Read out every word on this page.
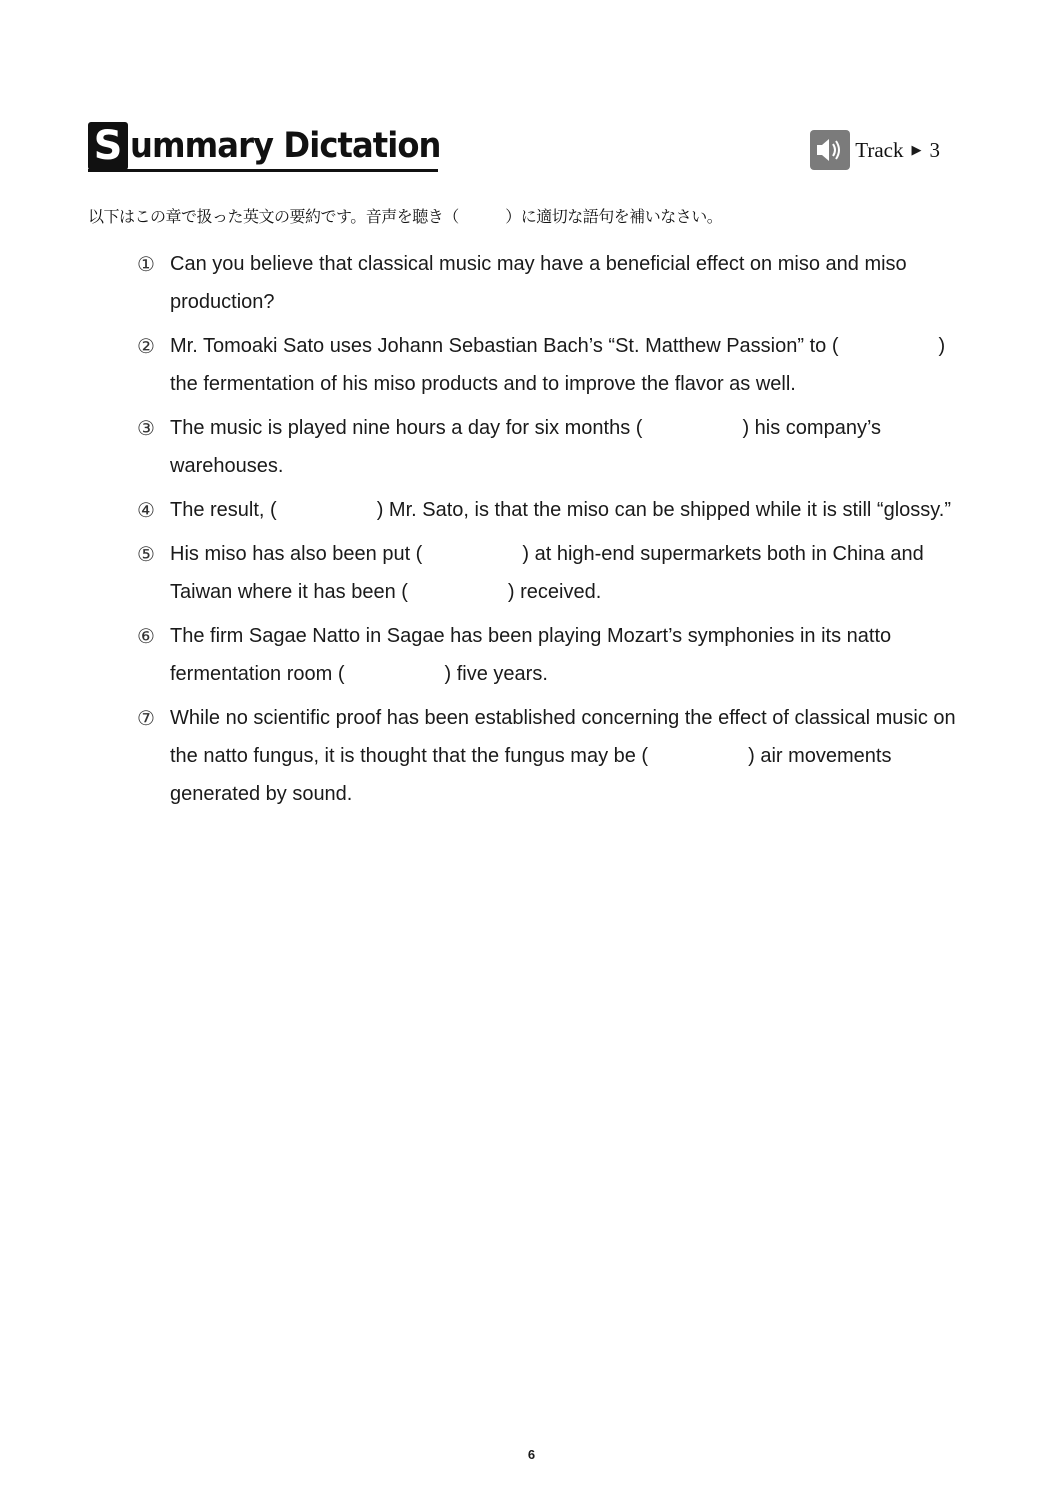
S ummary Dictation	Track ▶ 3
以下はこの章で扱った英文の要約です。音声を聴き（　　　）に適切な語句を補いなさい。
① Can you believe that classical music may have a beneficial effect on miso and miso production?
② Mr. Tomoaki Sato uses Johann Sebastian Bach’s “St. Matthew Passion” to (                  ) the fermentation of his miso products and to improve the flavor as well.
③ The music is played nine hours a day for six months (                  ) his company’s warehouses.
④ The result, (                  ) Mr. Sato, is that the miso can be shipped while it is still “glossy.”
⑤ His miso has also been put (                  ) at high-end supermarkets both in China and Taiwan where it has been (                  ) received.
⑥ The firm Sagae Natto in Sagae has been playing Mozart’s symphonies in its natto fermentation room (                  ) five years.
⑦ While no scientific proof has been established concerning the effect of classical music on the natto fungus, it is thought that the fungus may be (                  ) air movements generated by sound.
6
